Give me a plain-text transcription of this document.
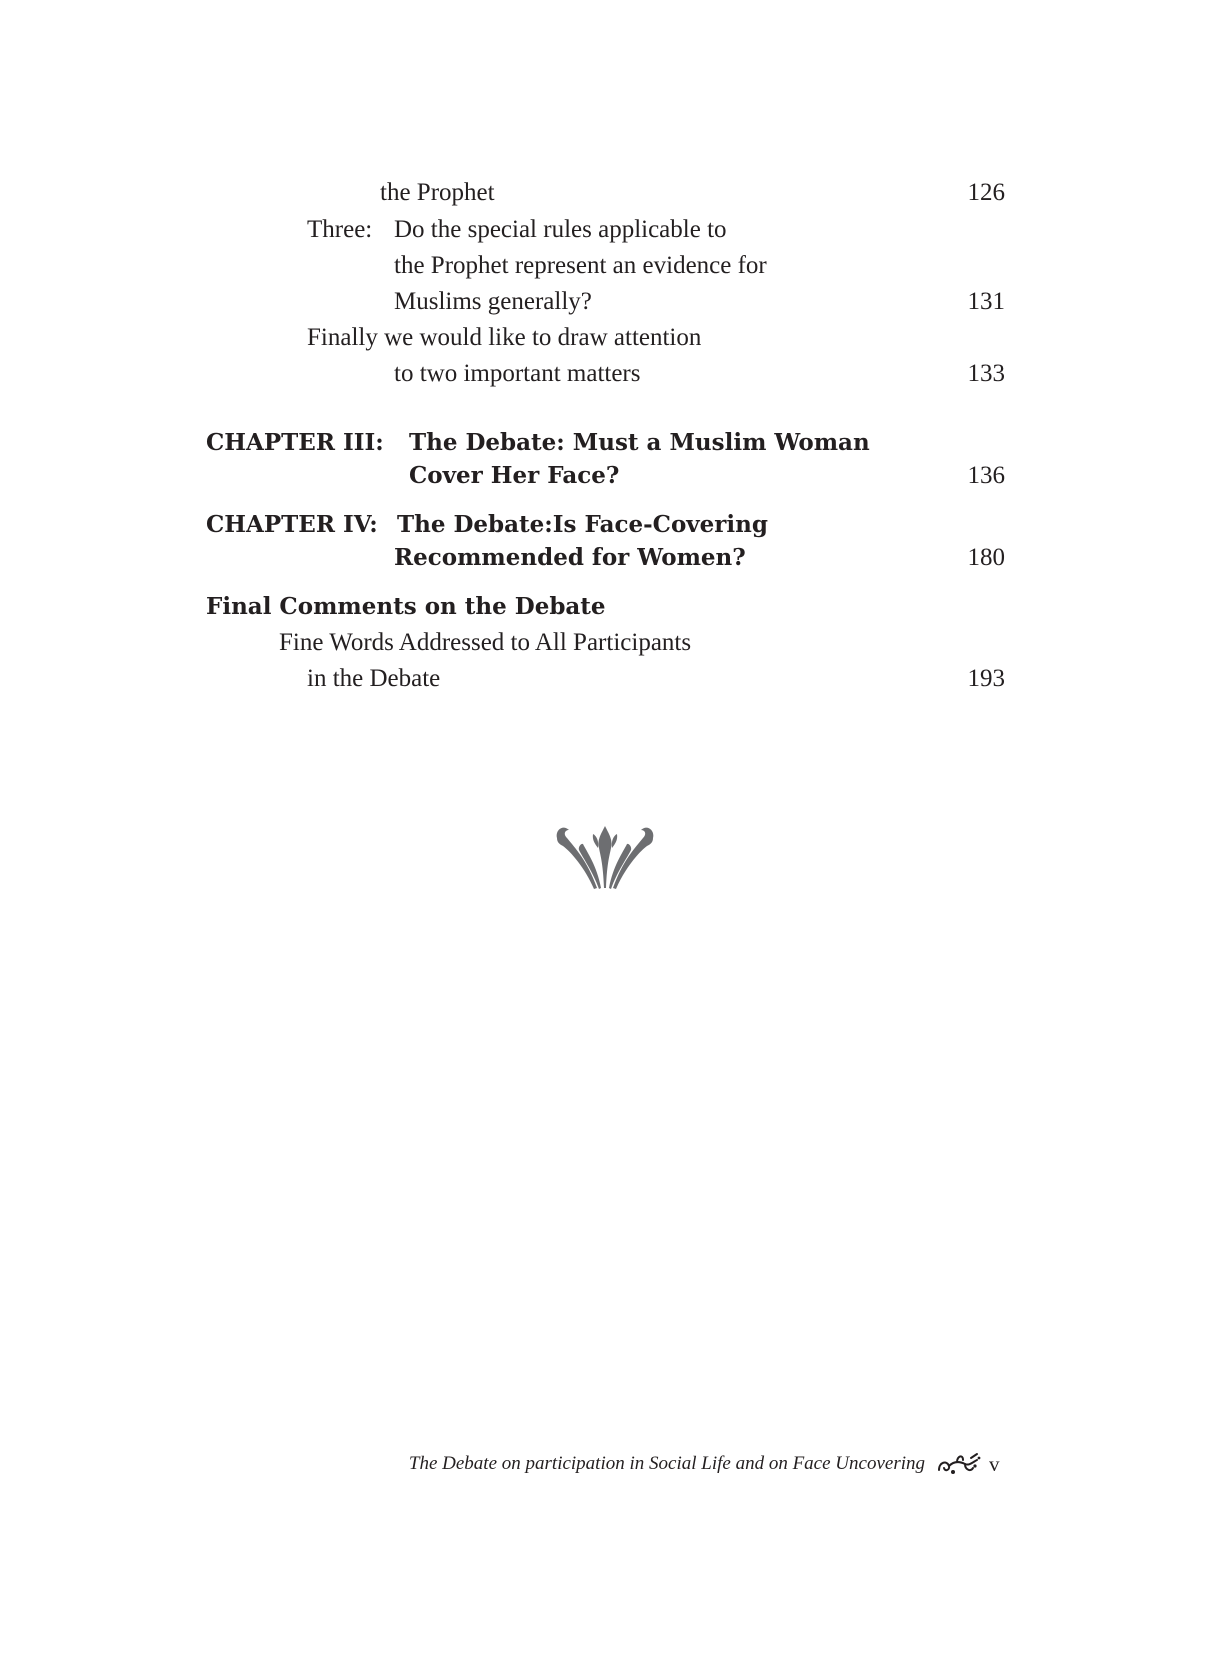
the Prophet	126
Three: Do the special rules applicable to
the Prophet represent an evidence for
Muslims generally?	131
Finally we would like to draw attention
to two important matters	133
CHAPTER III: The Debate: Must a Muslim Woman
Cover Her Face?	136
CHAPTER IV: The Debate:Is Face-Covering
Recommended for Women?	180
Final Comments on the Debate
Fine Words Addressed to All Participants
in the Debate	193
The Debate on participation in Social Life and on Face Uncovering	v
